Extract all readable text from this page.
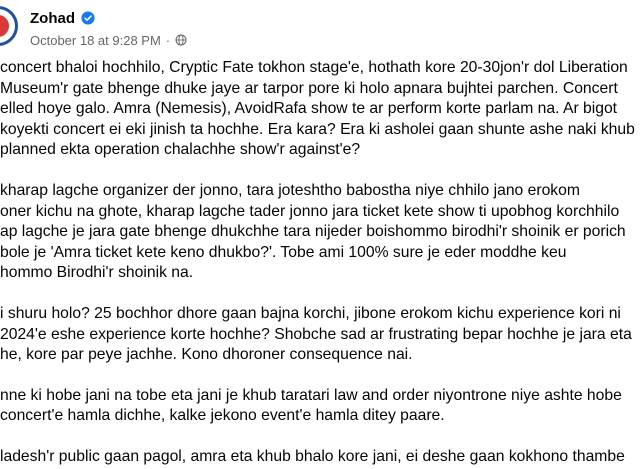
Zohad
October 18 at 9:28 PM ·
concert bhaloi hochhilo, Cryptic Fate tokhon stage'e, hothath kore 20-30jon'r dol Liberation
Museum'r gate bhenge dhuke jaye ar tarpor pore ki holo apnara bujhtei parchen. Concert
elled hoye galo. Amra (Nemesis), AvoidRafa show te ar perform korte parlam na. Ar bigot
koyekti concert ei eki jinish ta hochhe. Era kara? Era ki asholei gaan shunte ashe naki khub
planned ekta operation chalachhe show'r against'e?
kharap lagche organizer der jonno, tara joteshtho babostha niye chhilo jano erokom
oner kichu na ghote, kharap lagche tader jonno jara ticket kete show ti upobhog korchhilo
ap lagche je jara gate bhenge dhukchhe tara nijeder boishommo birodhi'r shoinik er porich
bole je 'Amra ticket kete keno dhukbo?'. Tobe ami 100% sure je eder moddhe keu
hommo Birodhi'r shoinik na.
i shuru holo? 25 bochhor dhore gaan bajna korchi, jibone erokom kichu experience kori ni
2024'e eshe experience korte hochhe? Shobche sad ar frustrating bepar hochhe je jara eta
he, kore par peye jachhe. Kono dhoroner consequence nai.
nne ki hobe jani na tobe eta jani je khub taratari law and order niyontrone niye ashte hobe
concert'e hamla dichhe, kalke jekono event'e hamla ditey paare.
ladesh'r public gaan pagol, amra eta khub bhalo kore jani, ei deshe gaan kokhono thambe
